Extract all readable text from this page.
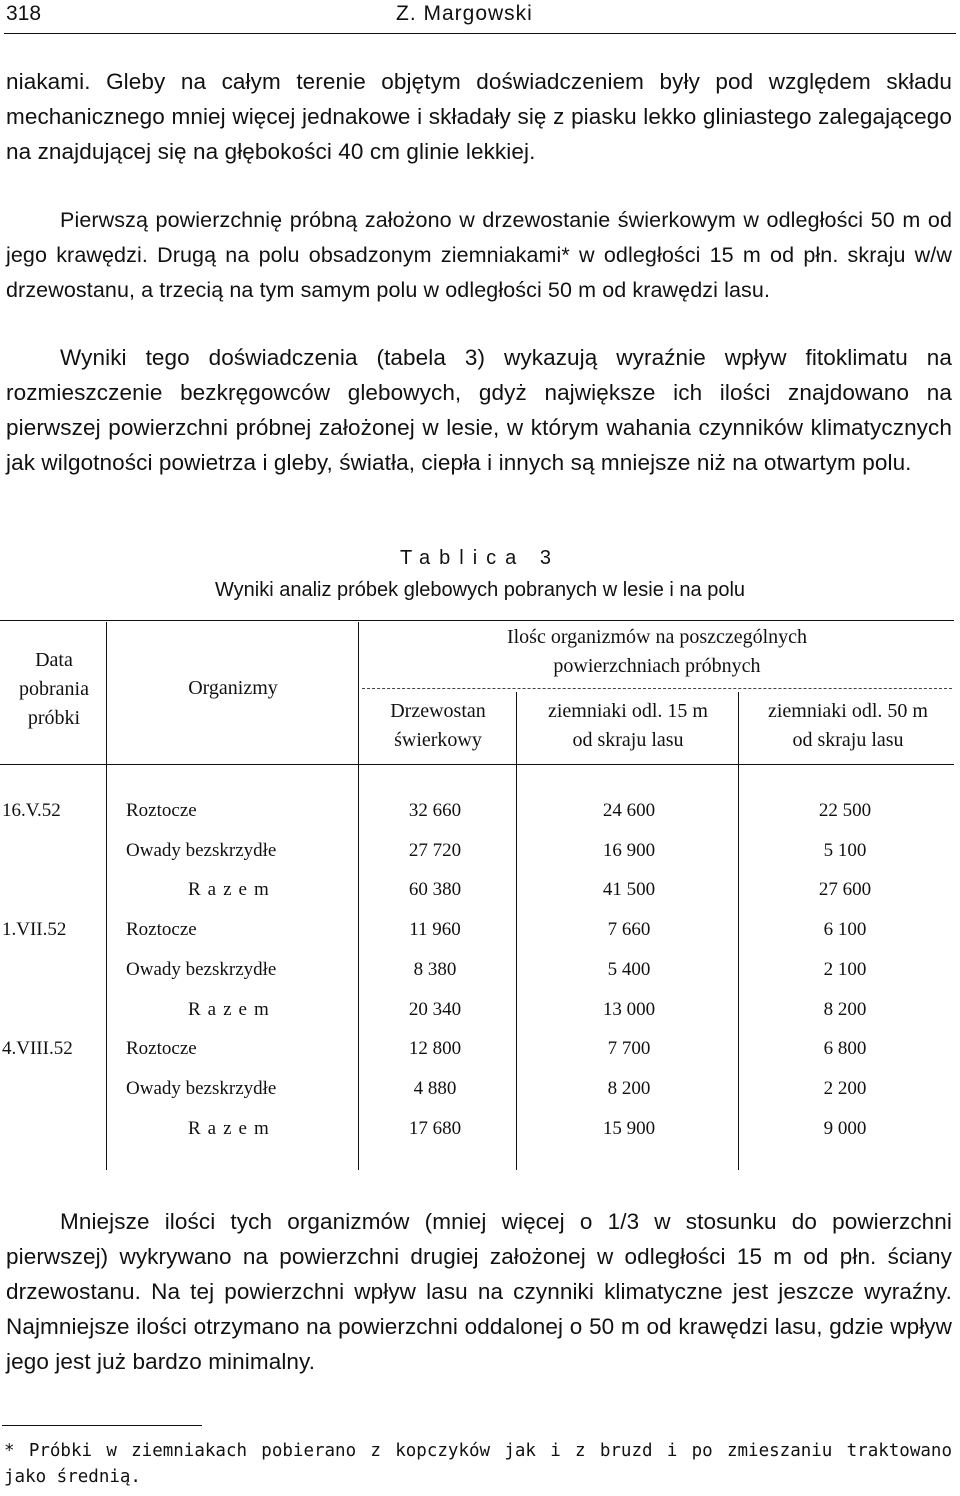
318	Z. Margowski

niakami. Gleby na całym terenie objętym doświadczeniem były pod względem składu mechanicznego mniej więcej jednakowe i składały się z piasku lekko gliniastego zalegającego na znajdującej się na głębokości 40 cm glinie lekkiej.

Pierwszą powierzchnię próbną założono w drzewostanie świerkowym w odległości 50 m od jego krawędzi. Drugą na polu obsadzonym ziemniakami* w odległości 15 m od płn. skraju w/w drzewostanu, a trzecią na tym samym polu w odległości 50 m od krawędzi lasu.

Wyniki tego doświadczenia (tabela 3) wykazują wyraźnie wpływ fitoklimatu na rozmieszczenie bezkręgowców glebowych, gdyż największe ich ilości znajdowano na pierwszej powierzchni próbnej założonej w lesie, w którym wahania czynników klimatycznych jak wilgotności powietrza i gleby, światła, ciepła i innych są mniejsze niż na otwartym polu.

Tablica 3
Wyniki analiz próbek glebowych pobranych w lesie i na polu
Data
pobrania
próbki
Organizmy
Ilośc organizmów na poszczególnych
powierzchniach próbnych
Drzewostan
świerkowy
ziemniaki odl. 15 m
od skraju lasu
ziemniaki odl. 50 m
od skraju lasu
16.V.52	Roztocze	32 660	24 600	22 500
Owady bezskrzydłe	27 720	16 900	5 100
Razem	60 380	41 500	27 600
1.VII.52	Roztocze	11 960	7 660	6 100
Owady bezskrzydłe	8 380	5 400	2 100
Razem	20 340	13 000	8 200
4.VIII.52	Roztocze	12 800	7 700	6 800
Owady bezskrzydłe	4 880	8 200	2 200
Razem	17 680	15 900	9 000

Mniejsze ilości tych organizmów (mniej więcej o 1/3 w stosunku do powierzchni pierwszej) wykrywano na powierzchni drugiej założonej w odległości 15 m od płn. ściany drzewostanu. Na tej powierzchni wpływ lasu na czynniki klimatyczne jest jeszcze wyraźny. Najmniejsze ilości otrzymano na powierzchni oddalonej o 50 m od krawędzi lasu, gdzie wpływ jego jest już bardzo minimalny.

* Próbki w ziemniakach pobierano z kopczyków jak i z bruzd i po zmieszaniu traktowano jako średnią.
